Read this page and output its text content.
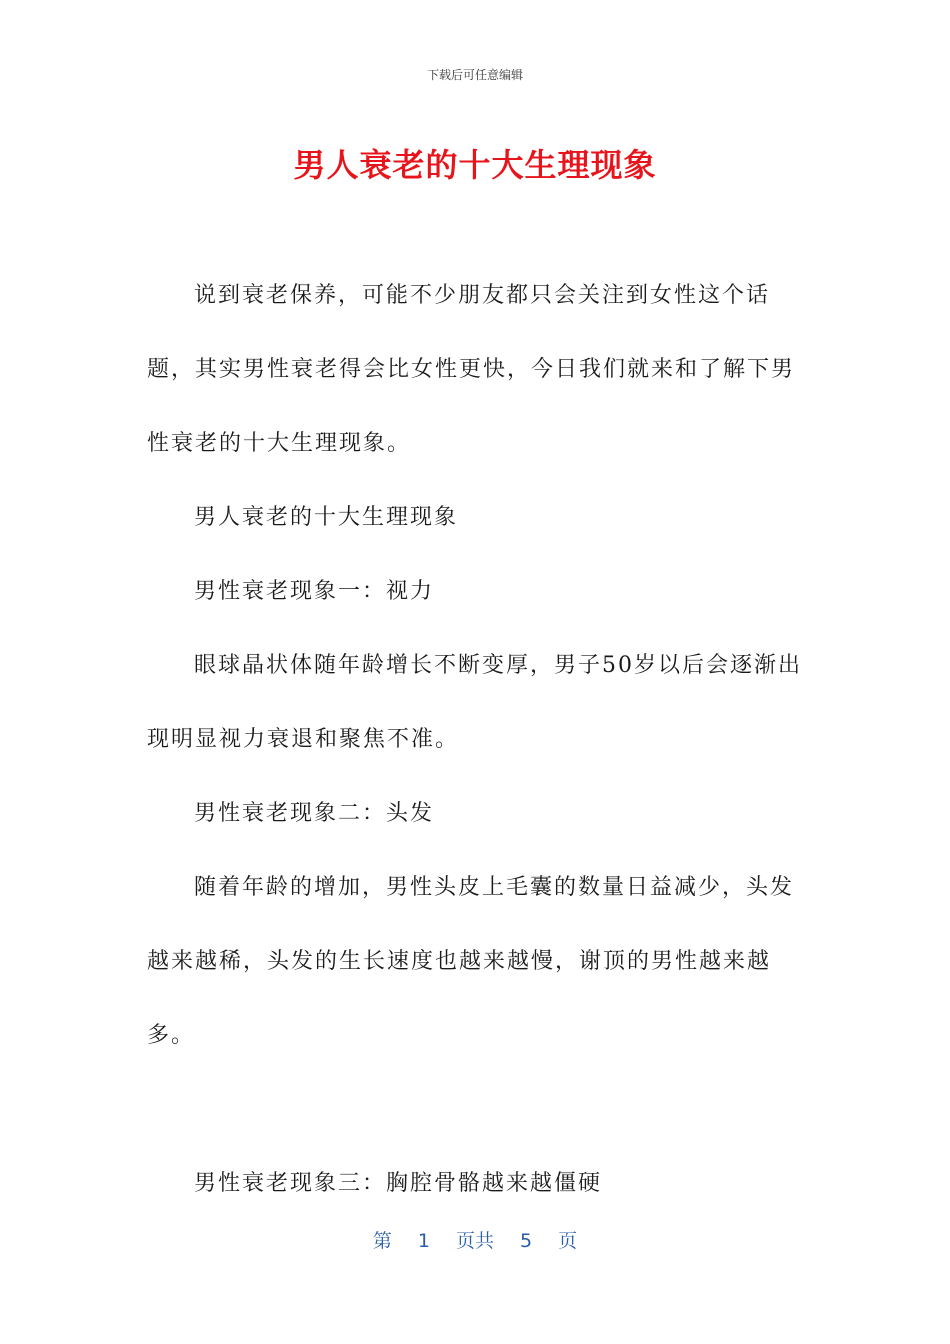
下载后可任意编辑
男人衰老的十大生理现象

说到衰老保养，可能不少朋友都只会关注到女性这个话题，其实男性衰老得会比女性更快，今日我们就来和了解下男性衰老的十大生理现象。

男人衰老的十大生理现象

男性衰老现象一：视力

眼球晶状体随年龄增长不断变厚，男子50岁以后会逐渐出现明显视力衰退和聚焦不准。

男性衰老现象二：头发

随着年龄的增加，男性头皮上毛囊的数量日益减少，头发越来越稀，头发的生长速度也越来越慢，谢顶的男性越来越多。

男性衰老现象三：胸腔骨骼越来越僵硬

第 1 页共 5 页
